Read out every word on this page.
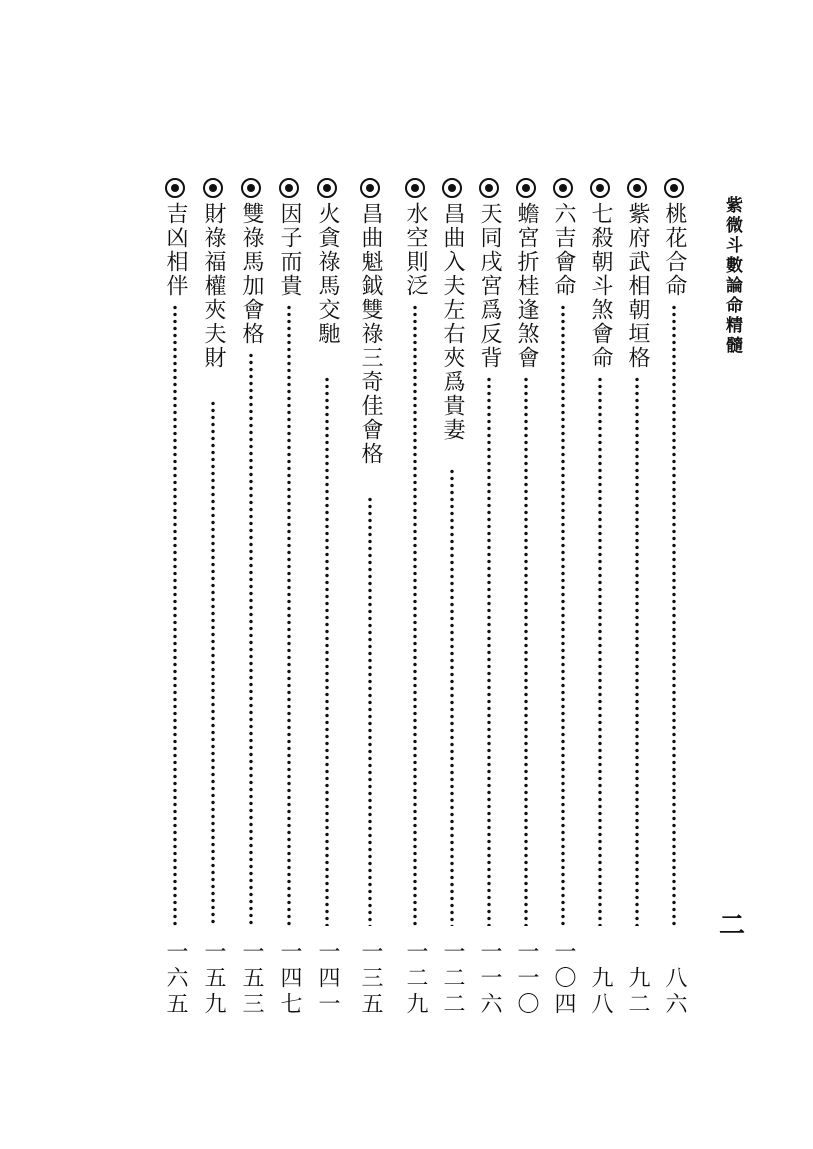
紫微斗數論命精髓
桃花合命
八六
紫府武相朝垣格
九二
七殺朝斗煞會命
九八
六吉會命
一〇四
蟾宮折桂逢煞會
一一〇
天同戌宮爲反背
一一六
昌曲入夫左右夾爲貴妻
一二二
水空則泛
一二九
昌曲魁鉞雙祿三奇佳會格
一三五
火貪祿馬交馳
一四一
因子而貴
一四七
雙祿馬加會格
一五三
財祿福權夾夫財
一五九
吉凶相伴
一六五
二
